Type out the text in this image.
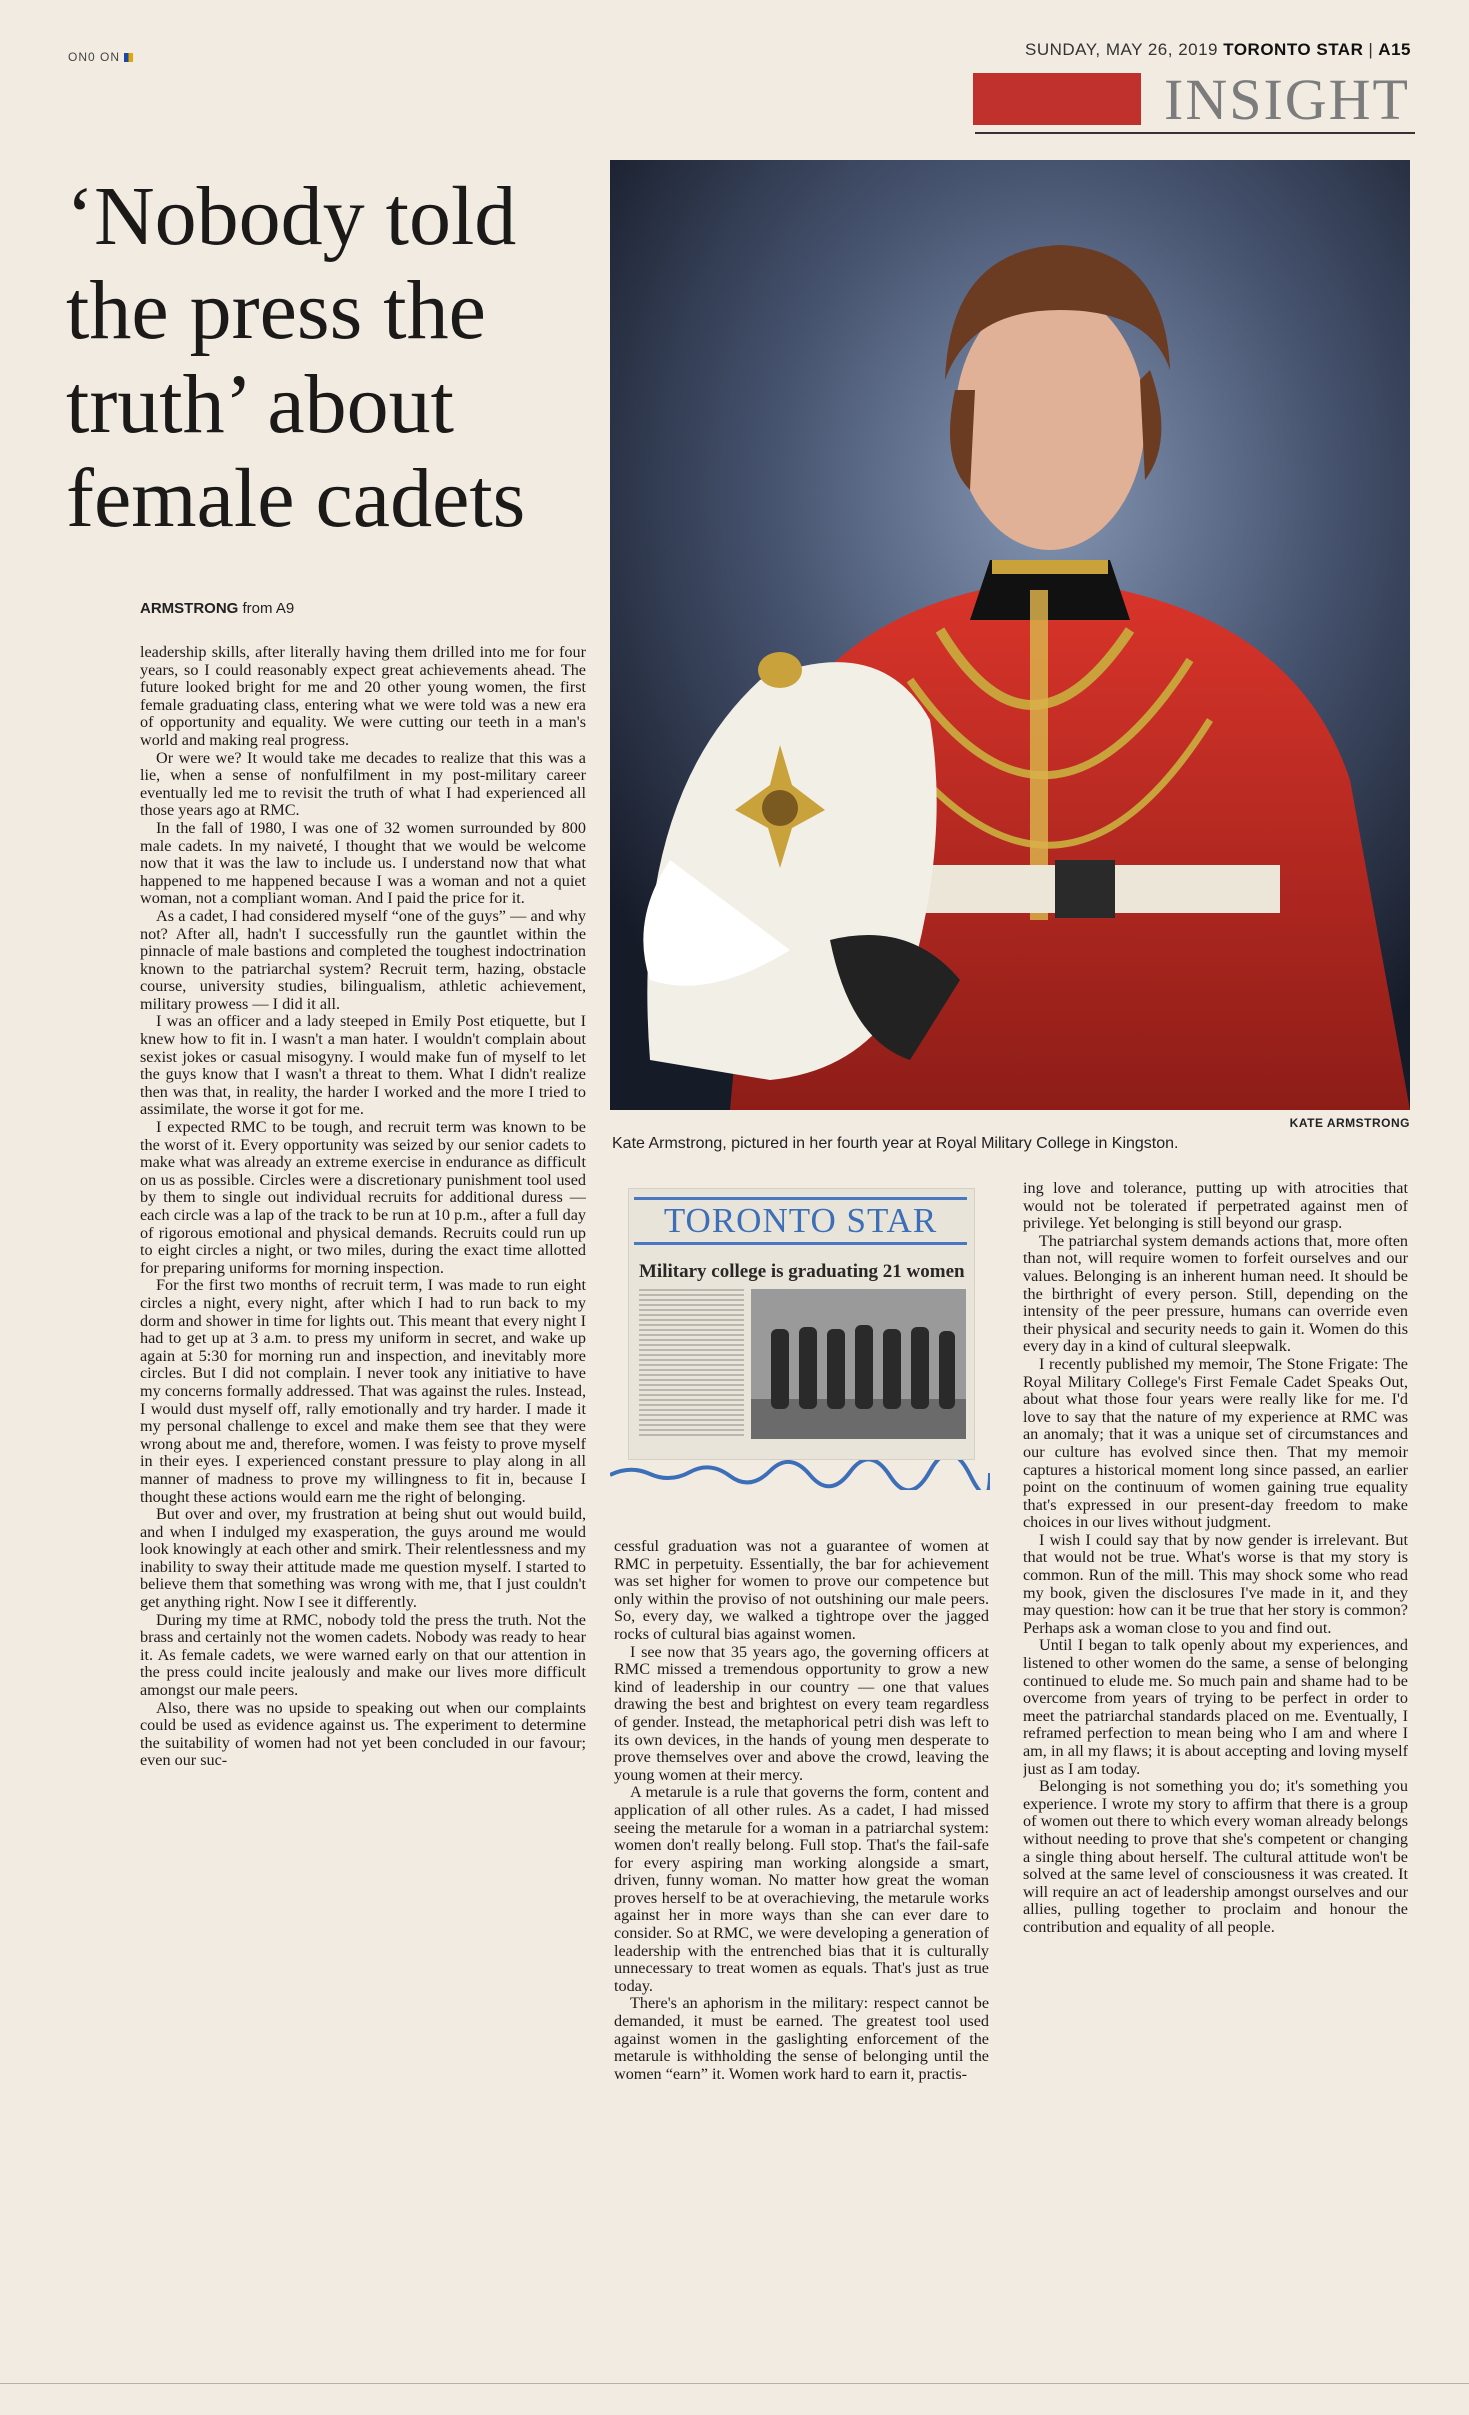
ON0 ON	SUNDAY, MAY 26, 2019 TORONTO STAR | A15
INSIGHT
‘Nobody told the press the truth’ about female cadets
ARMSTRONG from A9

leadership skills, after literally having them drilled into me for four years, so I could reasonably expect great achievements ahead. The future looked bright for me and 20 other young women, the first female graduating class, entering what we were told was a new era of opportunity and equality. We were cutting our teeth in a man's world and making real progress.

Or were we? It would take me decades to realize that this was a lie, when a sense of nonfulfilment in my post-military career eventually led me to revisit the truth of what I had experienced all those years ago at RMC.

In the fall of 1980, I was one of 32 women surrounded by 800 male cadets. In my naiveté, I thought that we would be welcome now that it was the law to include us. I understand now that what happened to me happened because I was a woman and not a quiet woman, not a compliant woman. And I paid the price for it.

As a cadet, I had considered myself “one of the guys” — and why not? After all, hadn't I successfully run the gauntlet within the pinnacle of male bastions and completed the toughest indoctrination known to the patriarchal system? Recruit term, hazing, obstacle course, university studies, bilingualism, athletic achievement, military prowess — I did it all.

I was an officer and a lady steeped in Emily Post etiquette, but I knew how to fit in. I wasn't a man hater. I wouldn't complain about sexist jokes or casual misogyny. I would make fun of myself to let the guys know that I wasn't a threat to them. What I didn't realize then was that, in reality, the harder I worked and the more I tried to assimilate, the worse it got for me.

I expected RMC to be tough, and recruit term was known to be the worst of it. Every opportunity was seized by our senior cadets to make what was already an extreme exercise in endurance as difficult on us as possible. Circles were a discretionary punishment tool used by them to single out individual recruits for additional duress — each circle was a lap of the track to be run at 10 p.m., after a full day of rigorous emotional and physical demands. Recruits could run up to eight circles a night, or two miles, during the exact time allotted for preparing uniforms for morning inspection.

For the first two months of recruit term, I was made to run eight circles a night, every night, after which I had to run back to my dorm and shower in time for lights out. This meant that every night I had to get up at 3 a.m. to press my uniform in secret, and wake up again at 5:30 for morning run and inspection, and inevitably more circles. But I did not complain. I never took any initiative to have my concerns formally addressed. That was against the rules. Instead, I would dust myself off, rally emotionally and try harder. I made it my personal challenge to excel and make them see that they were wrong about me and, therefore, women. I was feisty to prove myself in their eyes. I experienced constant pressure to play along in all manner of madness to prove my willingness to fit in, because I thought these actions would earn me the right of belonging.

But over and over, my frustration at being shut out would build, and when I indulged my exasperation, the guys around me would look knowingly at each other and smirk. Their relentlessness and my inability to sway their attitude made me question myself. I started to believe them that something was wrong with me, that I just couldn't get anything right. Now I see it differently.

During my time at RMC, nobody told the press the truth. Not the brass and certainly not the women cadets. Nobody was ready to hear it. As female cadets, we were warned early on that our attention in the press could incite jealously and make our lives more difficult amongst our male peers.

Also, there was no upside to speaking out when our complaints could be used as evidence against us. The experiment to determine the suitability of women had not yet been concluded in our favour; even our suc-

KATE ARMSTRONG
Kate Armstrong, pictured in her fourth year at Royal Military College in Kingston.
TORONTO STAR
Military college is graduating 21 women

cessful graduation was not a guarantee of women at RMC in perpetuity. Essentially, the bar for achievement was set higher for women to prove our competence but only within the proviso of not outshining our male peers. So, every day, we walked a tightrope over the jagged rocks of cultural bias against women.

I see now that 35 years ago, the governing officers at RMC missed a tremendous opportunity to grow a new kind of leadership in our country — one that values drawing the best and brightest on every team regardless of gender. Instead, the metaphorical petri dish was left to its own devices, in the hands of young men desperate to prove themselves over and above the crowd, leaving the young women at their mercy.

A metarule is a rule that governs the form, content and application of all other rules. As a cadet, I had missed seeing the metarule for a woman in a patriarchal system: women don't really belong. Full stop. That's the fail-safe for every aspiring man working alongside a smart, driven, funny woman. No matter how great the woman proves herself to be at overachieving, the metarule works against her in more ways than she can ever dare to consider. So at RMC, we were developing a generation of leadership with the entrenched bias that it is culturally unnecessary to treat women as equals. That's just as true today.

There's an aphorism in the military: respect cannot be demanded, it must be earned. The greatest tool used against women in the gaslighting enforcement of the metarule is withholding the sense of belonging until the women “earn” it. Women work hard to earn it, practis-

ing love and tolerance, putting up with atrocities that would not be tolerated if perpetrated against men of privilege. Yet belonging is still beyond our grasp.

The patriarchal system demands actions that, more often than not, will require women to forfeit ourselves and our values. Belonging is an inherent human need. It should be the birthright of every person. Still, depending on the intensity of the peer pressure, humans can override even their physical and security needs to gain it. Women do this every day in a kind of cultural sleepwalk.

I recently published my memoir, The Stone Frigate: The Royal Military College's First Female Cadet Speaks Out, about what those four years were really like for me. I'd love to say that the nature of my experience at RMC was an anomaly; that it was a unique set of circumstances and our culture has evolved since then. That my memoir captures a historical moment long since passed, an earlier point on the continuum of women gaining true equality that's expressed in our present-day freedom to make choices in our lives without judgment.

I wish I could say that by now gender is irrelevant. But that would not be true. What's worse is that my story is common. Run of the mill. This may shock some who read my book, given the disclosures I've made in it, and they may question: how can it be true that her story is common? Perhaps ask a woman close to you and find out.

Until I began to talk openly about my experiences, and listened to other women do the same, a sense of belonging continued to elude me. So much pain and shame had to be overcome from years of trying to be perfect in order to meet the patriarchal standards placed on me. Eventually, I reframed perfection to mean being who I am and where I am, in all my flaws; it is about accepting and loving myself just as I am today.

Belonging is not something you do; it's something you experience. I wrote my story to affirm that there is a group of women out there to which every woman already belongs without needing to prove that she's competent or changing a single thing about herself. The cultural attitude won't be solved at the same level of consciousness it was created. It will require an act of leadership amongst ourselves and our allies, pulling together to proclaim and honour the contribution and equality of all people.
